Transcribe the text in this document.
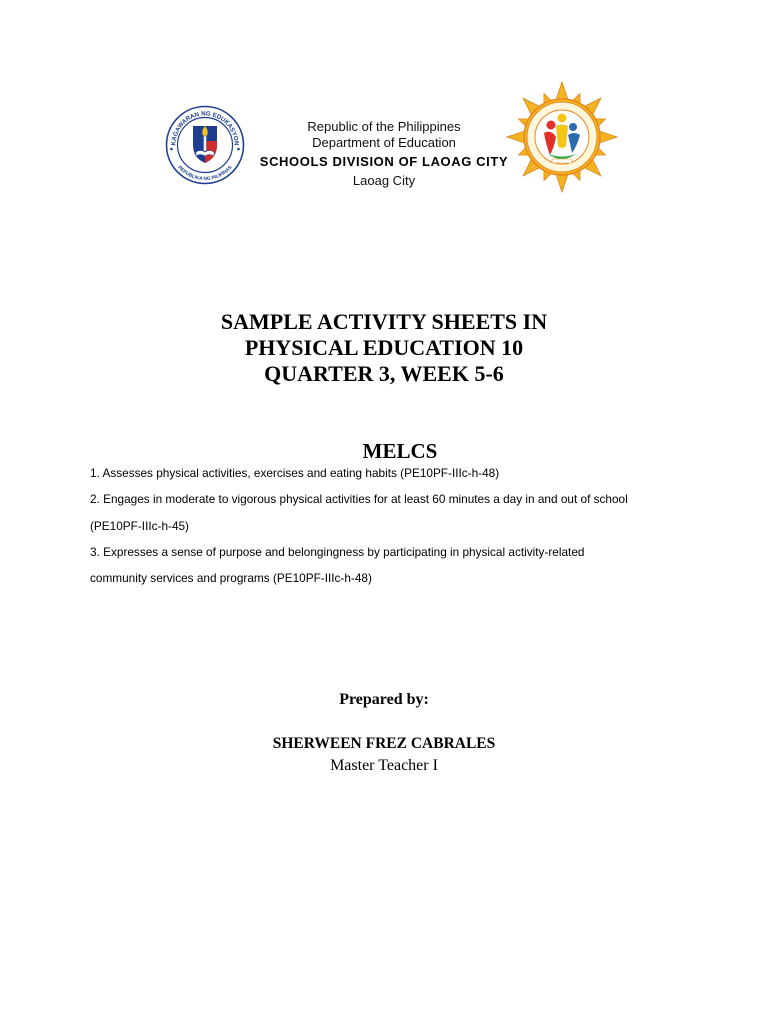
KAGAWARAN NG EDUKASYON
REPUBLIKA NG PILIPINAS
Republic of the Philippines
Department of Education
SCHOOLS DIVISION OF LAOAG CITY
Laoag City
SAMPLE ACTIVITY SHEETS IN
PHYSICAL EDUCATION 10
QUARTER 3, WEEK 5-6
MELCS
1. Assesses physical activities, exercises and eating habits (PE10PF-IIIc-h-48)
2. Engages in moderate to vigorous physical activities for at least 60 minutes a day in and out of school
(PE10PF-IIIc-h-45)
3. Expresses a sense of purpose and belongingness by participating in physical activity-related
community services and programs (PE10PF-IIIc-h-48)
Prepared by:
SHERWEEN FREZ CABRALES
Master Teacher I
